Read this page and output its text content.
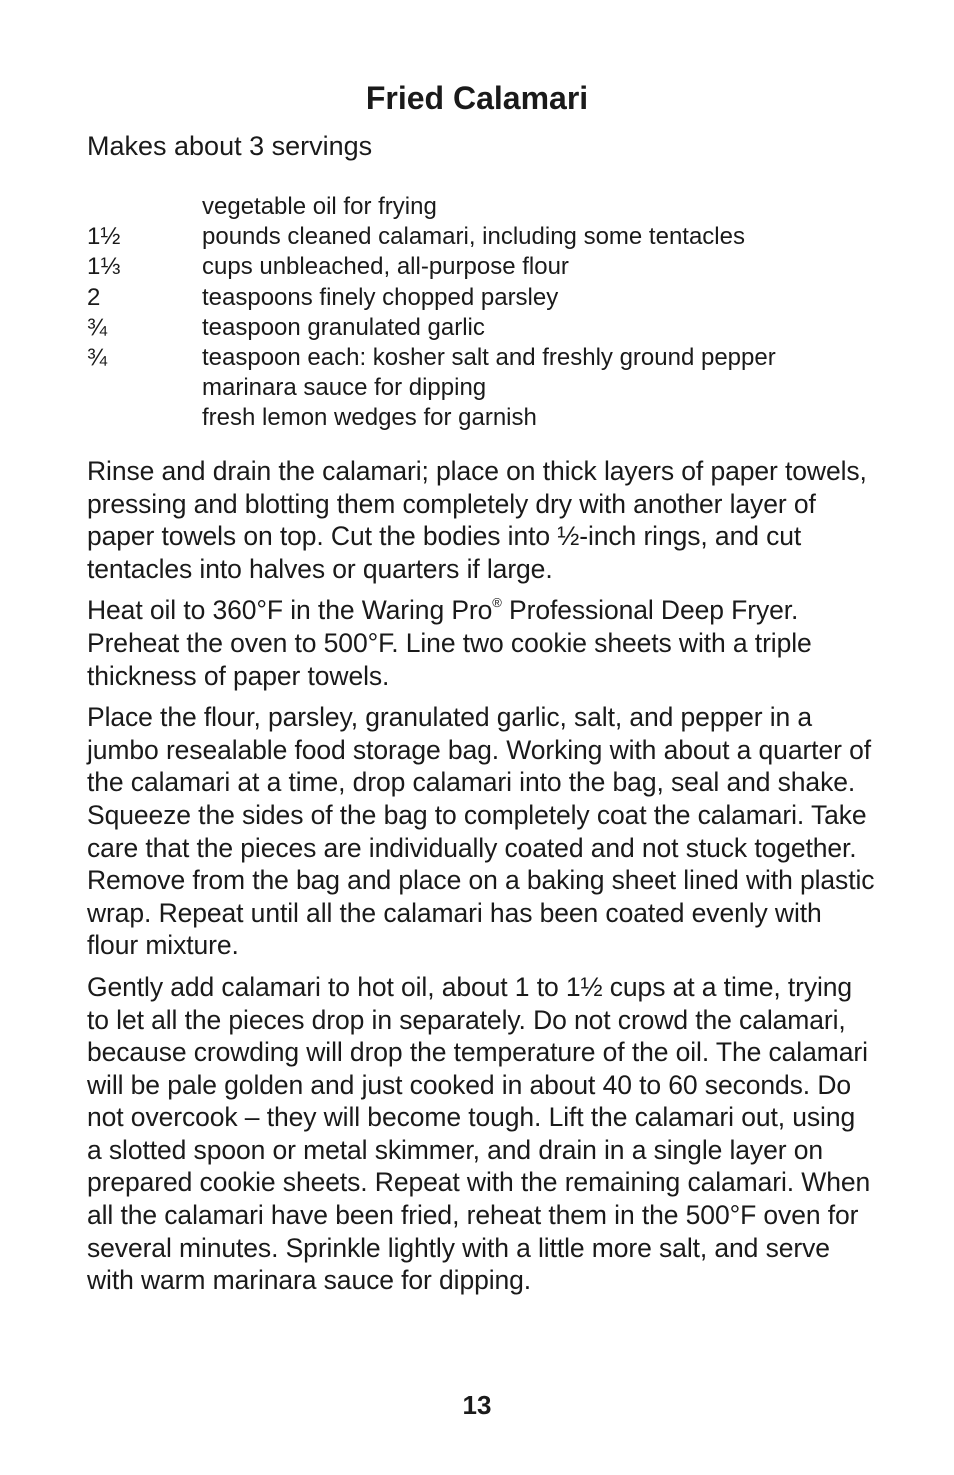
Fried Calamari

Makes about 3 servings

vegetable oil for frying
1½	pounds cleaned calamari, including some tentacles
1⅓	cups unbleached, all-purpose flour
2	teaspoons finely chopped parsley
¾	teaspoon granulated garlic
¾	teaspoon each: kosher salt and freshly ground pepper
marinara sauce for dipping
fresh lemon wedges for garnish

Rinse and drain the calamari; place on thick layers of paper towels, pressing and blotting them completely dry with another layer of paper towels on top. Cut the bodies into ½-inch rings, and cut tentacles into halves or quarters if large.

Heat oil to 360°F in the Waring Pro® Professional Deep Fryer. Preheat the oven to 500°F. Line two cookie sheets with a triple thickness of paper towels.

Place the flour, parsley, granulated garlic, salt, and pepper in a jumbo resealable food storage bag. Working with about a quarter of the calamari at a time, drop calamari into the bag, seal and shake. Squeeze the sides of the bag to completely coat the calamari. Take care that the pieces are individually coated and not stuck together. Remove from the bag and place on a baking sheet lined with plastic wrap. Repeat until all the calamari has been coated evenly with flour mixture.

Gently add calamari to hot oil, about 1 to 1½ cups at a time, trying to let all the pieces drop in separately. Do not crowd the calamari, because crowding will drop the temperature of the oil. The calamari will be pale golden and just cooked in about 40 to 60 seconds. Do not overcook – they will become tough. Lift the calamari out, using a slotted spoon or metal skimmer, and drain in a single layer on prepared cookie sheets. Repeat with the remaining calamari. When all the calamari have been fried, reheat them in the 500°F oven for several minutes. Sprinkle lightly with a little more salt, and serve with warm marinara sauce for dipping.

13
